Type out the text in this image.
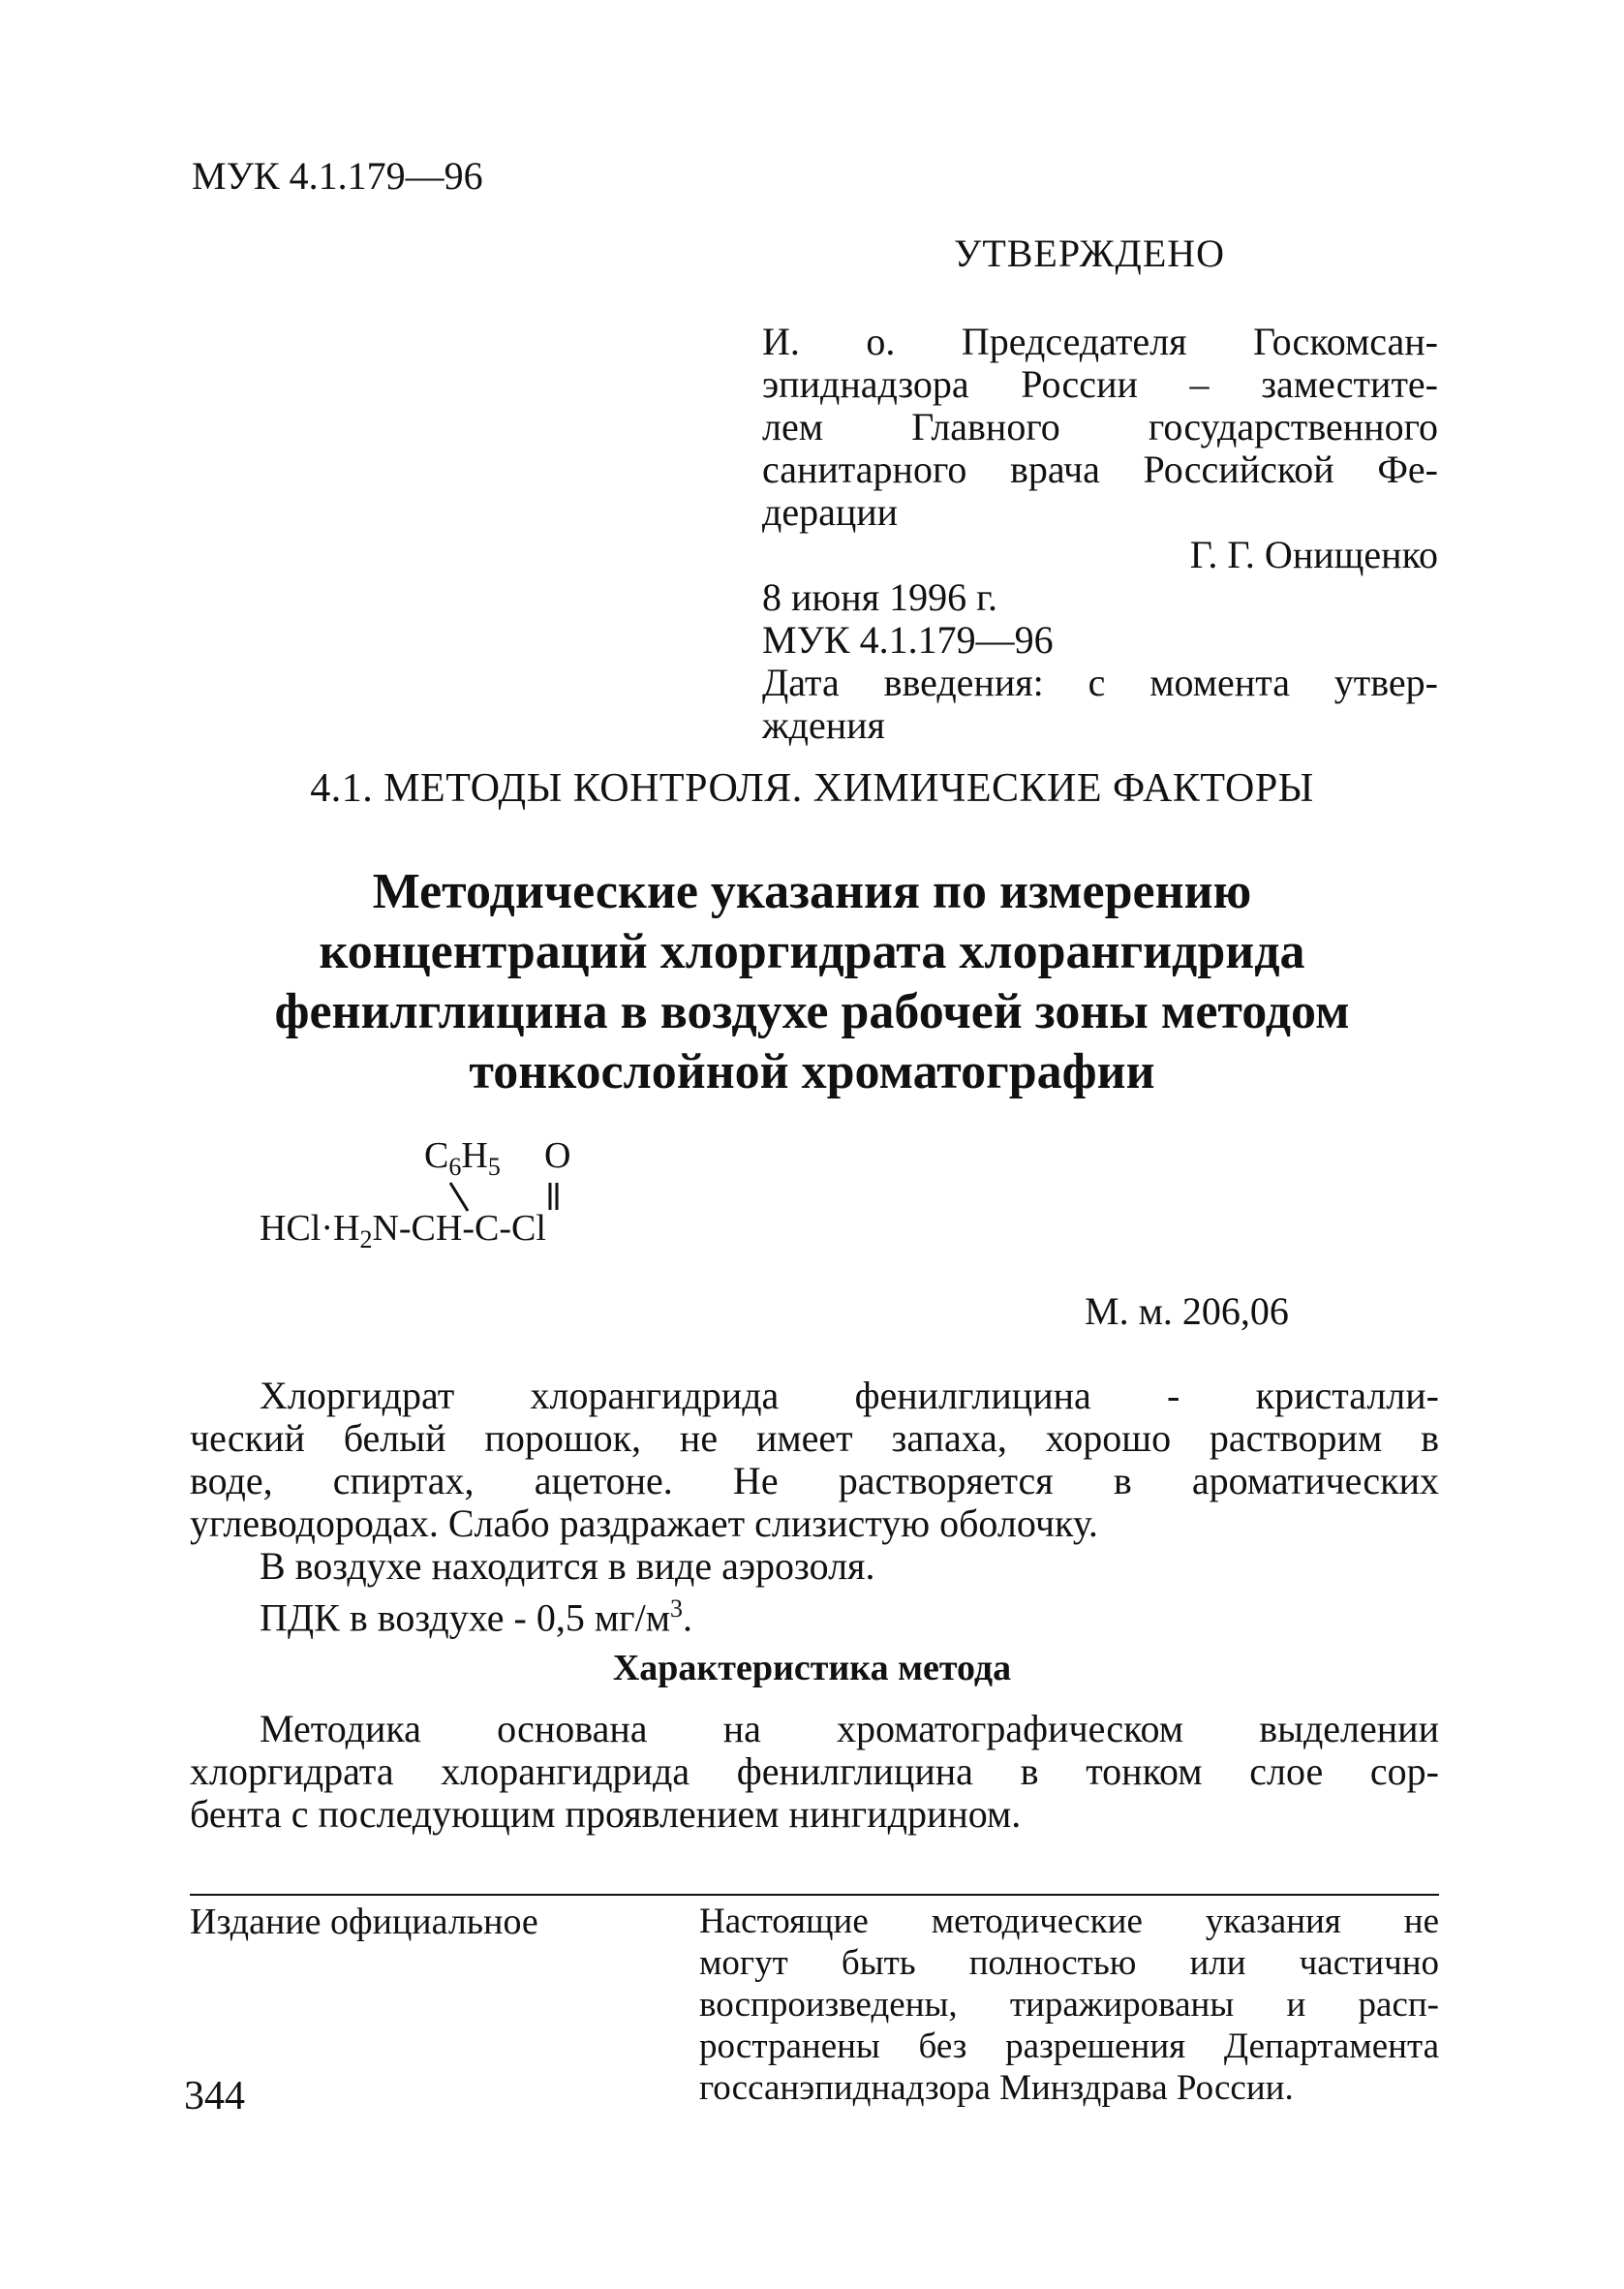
МУК 4.1.179—96
УТВЕРЖДЕНО
И. о. Председателя Госкомсан-
эпиднадзора России – заместите-
лем Главного государственного
санитарного врача Российской Фе-
дерации
Г. Г. Онищенко
8 июня 1996 г.
МУК 4.1.179—96
Дата введения: с момента утвер-
ждения
4.1. МЕТОДЫ КОНТРОЛЯ. ХИМИЧЕСКИЕ ФАКТОРЫ
Методические указания по измерению
концентраций хлоргидрата хлорангидрида
фенилглицина в воздухе рабочей зоны методом
тонкослойной хроматографии
$C_6H_5$ O
$HCl\cdot H_2N-CH-C-Cl$
М. м. 206,06
Хлоргидрат хлорангидрида фенилглицина - кристалли-
ческий белый порошок, не имеет запаха, хорошо растворим в
воде, спиртах, ацетоне. Не растворяется в ароматических
углеводородах. Слабо раздражает слизистую оболочку.
В воздухе находится в виде аэрозоля.
ПДК в воздухе - 0,5 $мг/м^3$.
Характеристика метода
Методика основана на хроматографическом выделении
хлоргидрата хлорангидрида фенилглицина в тонком слое сор-
бента с последующим проявлением нингидрином.
Издание официальное	Настоящие методические указания не
могут быть полностью или частично
воспроизведены, тиражированы и расп-
ространены без разрешения Департамента
госсанэпиднадзора Минздрава России.
344
